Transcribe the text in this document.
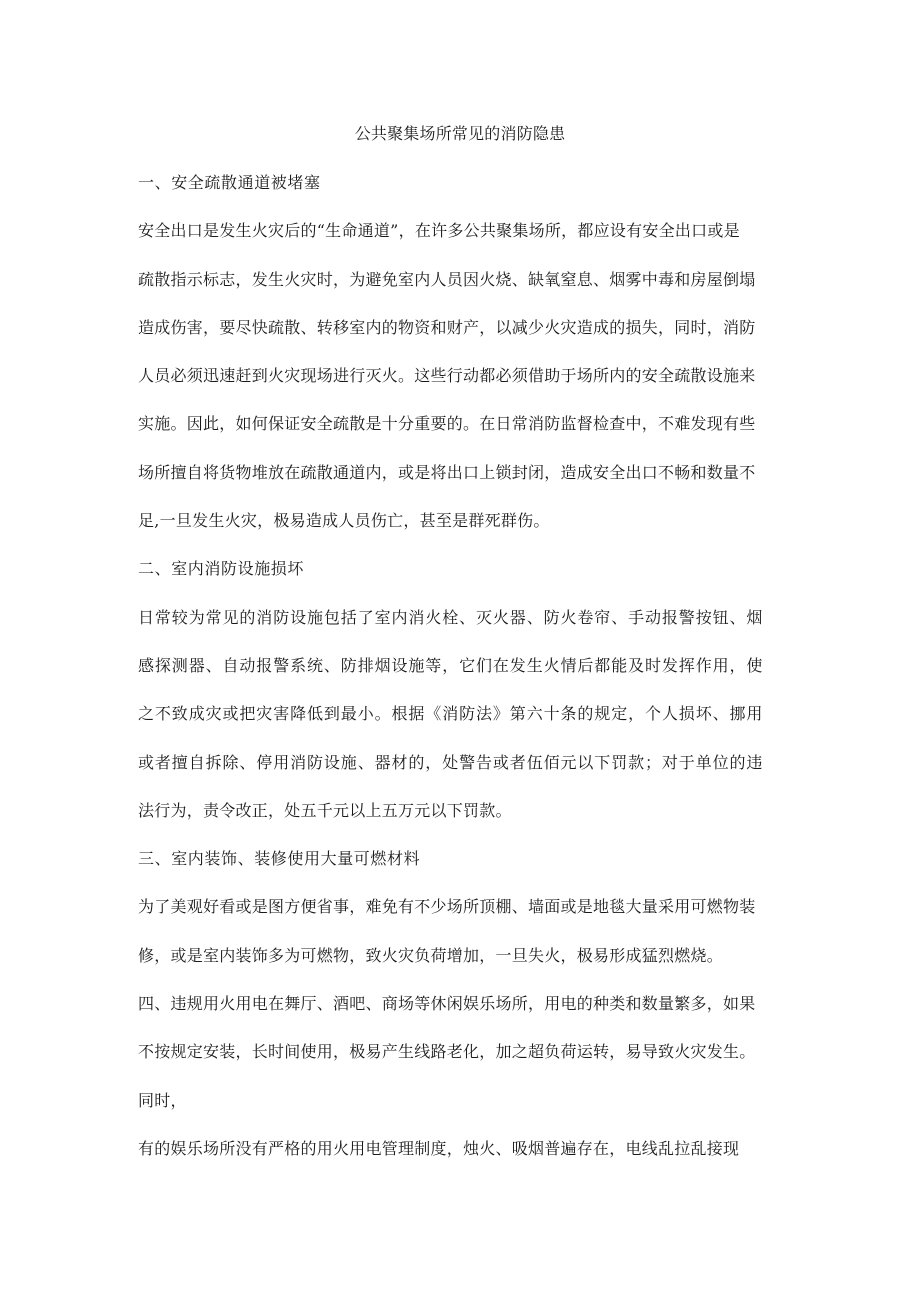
公共聚集场所常见的消防隐患
一、安全疏散通道被堵塞
安全出口是发生火灾后的“生命通道”，在许多公共聚集场所，都应设有安全出口或是
疏散指示标志，发生火灾时，为避免室内人员因火烧、缺氧窒息、烟雾中毒和房屋倒塌
造成伤害，要尽快疏散、转移室内的物资和财产，以减少火灾造成的损失，同时，消防
人员必须迅速赶到火灾现场进行灭火。这些行动都必须借助于场所内的安全疏散设施来
实施。因此，如何保证安全疏散是十分重要的。在日常消防监督检查中，不难发现有些
场所擅自将货物堆放在疏散通道内，或是将出口上锁封闭，造成安全出口不畅和数量不
足,一旦发生火灾，极易造成人员伤亡，甚至是群死群伤。
二、室内消防设施损坏
日常较为常见的消防设施包括了室内消火栓、灭火器、防火卷帘、手动报警按钮、烟
感探测器、自动报警系统、防排烟设施等，它们在发生火情后都能及时发挥作用，使
之不致成灾或把灾害降低到最小。根据《消防法》第六十条的规定，个人损坏、挪用
或者擅自拆除、停用消防设施、器材的，处警告或者伍佰元以下罚款；对于单位的违
法行为，责令改正，处五千元以上五万元以下罚款。
三、室内装饰、装修使用大量可燃材料
为了美观好看或是图方便省事，难免有不少场所顶棚、墙面或是地毯大量采用可燃物装
修，或是室内装饰多为可燃物，致火灾负荷增加，一旦失火，极易形成猛烈燃烧。
四、违规用火用电在舞厅、酒吧、商场等休闲娱乐场所，用电的种类和数量繁多，如果
不按规定安装，长时间使用，极易产生线路老化，加之超负荷运转，易导致火灾发生。
同时，
有的娱乐场所没有严格的用火用电管理制度，烛火、吸烟普遍存在，电线乱拉乱接现
